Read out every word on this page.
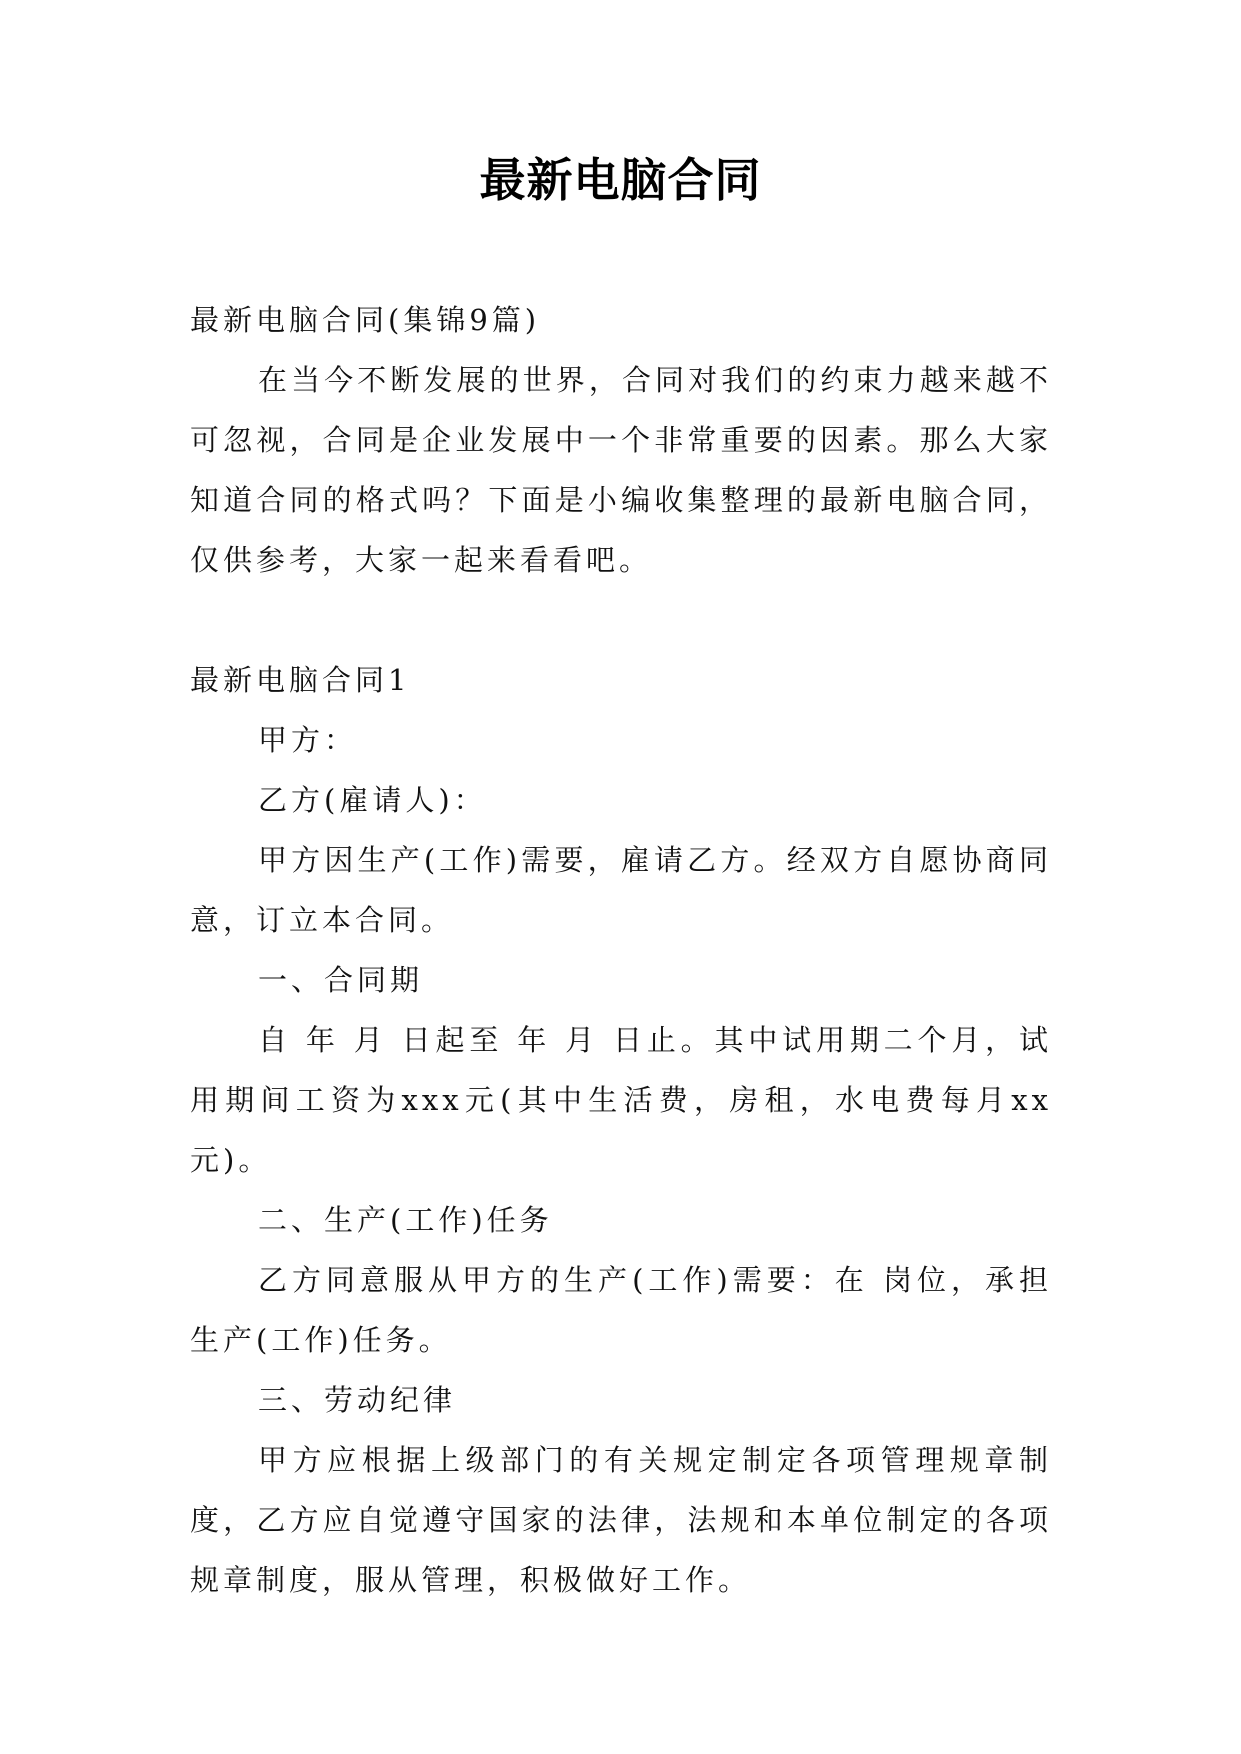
最新电脑合同

最新电脑合同(集锦9篇)

在当今不断发展的世界，合同对我们的约束力越来越不可忽视，合同是企业发展中一个非常重要的因素。那么大家知道合同的格式吗？下面是小编收集整理的最新电脑合同，仅供参考，大家一起来看看吧。

最新电脑合同1

甲方：

乙方(雇请人)：

甲方因生产(工作)需要，雇请乙方。经双方自愿协商同意，订立本合同。

一、合同期

自 年 月 日起至 年 月 日止。其中试用期二个月，试用期间工资为xxx元(其中生活费，房租，水电费每月xx元)。

二、生产(工作)任务

乙方同意服从甲方的生产(工作)需要：在 岗位，承担生产(工作)任务。

三、劳动纪律

甲方应根据上级部门的有关规定制定各项管理规章制度，乙方应自觉遵守国家的法律，法规和本单位制定的各项规章制度，服从管理，积极做好工作。
